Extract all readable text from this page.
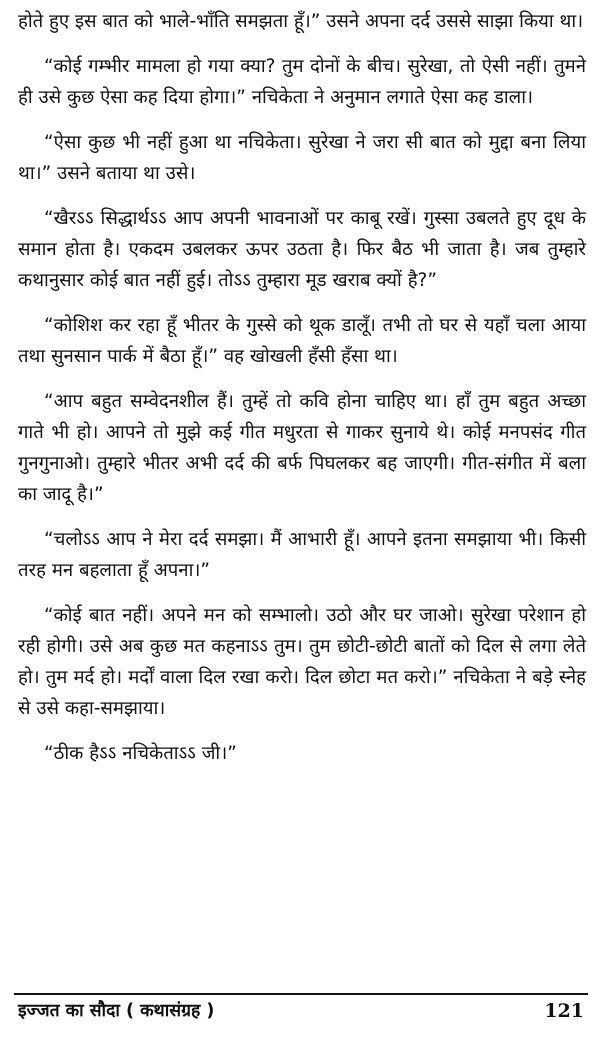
होते हुए इस बात को भाले-भाँति समझता हूँ।” उसने अपना दर्द उससे साझा किया था।

“कोई गम्भीर मामला हो गया क्या? तुम दोनों के बीच। सुरेखा, तो ऐसी नहीं। तुमने ही उसे कुछ ऐसा कह दिया होगा।” नचिकेता ने अनुमान लगाते ऐसा कह डाला।

“ऐसा कुछ भी नहीं हुआ था नचिकेता। सुरेखा ने जरा सी बात को मुद्दा बना लिया था।” उसने बताया था उसे।

“खैरऽऽ सिद्धार्थऽऽ आप अपनी भावनाओं पर काबू रखें। गुस्सा उबलते हुए दूध के समान होता है। एकदम उबलकर ऊपर उठता है। फिर बैठ भी जाता है। जब तुम्हारे कथानुसार कोई बात नहीं हुई। तोऽऽ तुम्हारा मूड खराब क्यों है?”

“कोशिश कर रहा हूँ भीतर के गुस्से को थूक डालूँ। तभी तो घर से यहाँ चला आया तथा सुनसान पार्क में बैठा हूँ।” वह खोखली हँसी हँसा था।

“आप बहुत सम्वेदनशील हैं। तुम्हें तो कवि होना चाहिए था। हाँ तुम बहुत अच्छा गाते भी हो। आपने तो मुझे कई गीत मधुरता से गाकर सुनाये थे। कोई मनपसंद गीत गुनगुनाओ। तुम्हारे भीतर अभी दर्द की बर्फ पिघलकर बह जाएगी। गीत-संगीत में बला का जादू है।”

“चलोऽऽ आप ने मेरा दर्द समझा। मैं आभारी हूँ। आपने इतना समझाया भी। किसी तरह मन बहलाता हूँ अपना।”

“कोई बात नहीं। अपने मन को सम्भालो। उठो और घर जाओ। सुरेखा परेशान हो रही होगी। उसे अब कुछ मत कहनाऽऽ तुम। तुम छोटी-छोटी बातों को दिल से लगा लेते हो। तुम मर्द हो। मर्दों वाला दिल रखा करो। दिल छोटा मत करो।” नचिकेता ने बड़े स्नेह से उसे कहा-समझाया।

“ठीक हैऽऽ नचिकेताऽऽ जी।”

इज्जत का सौदा ( कथासंग्रह )	121
